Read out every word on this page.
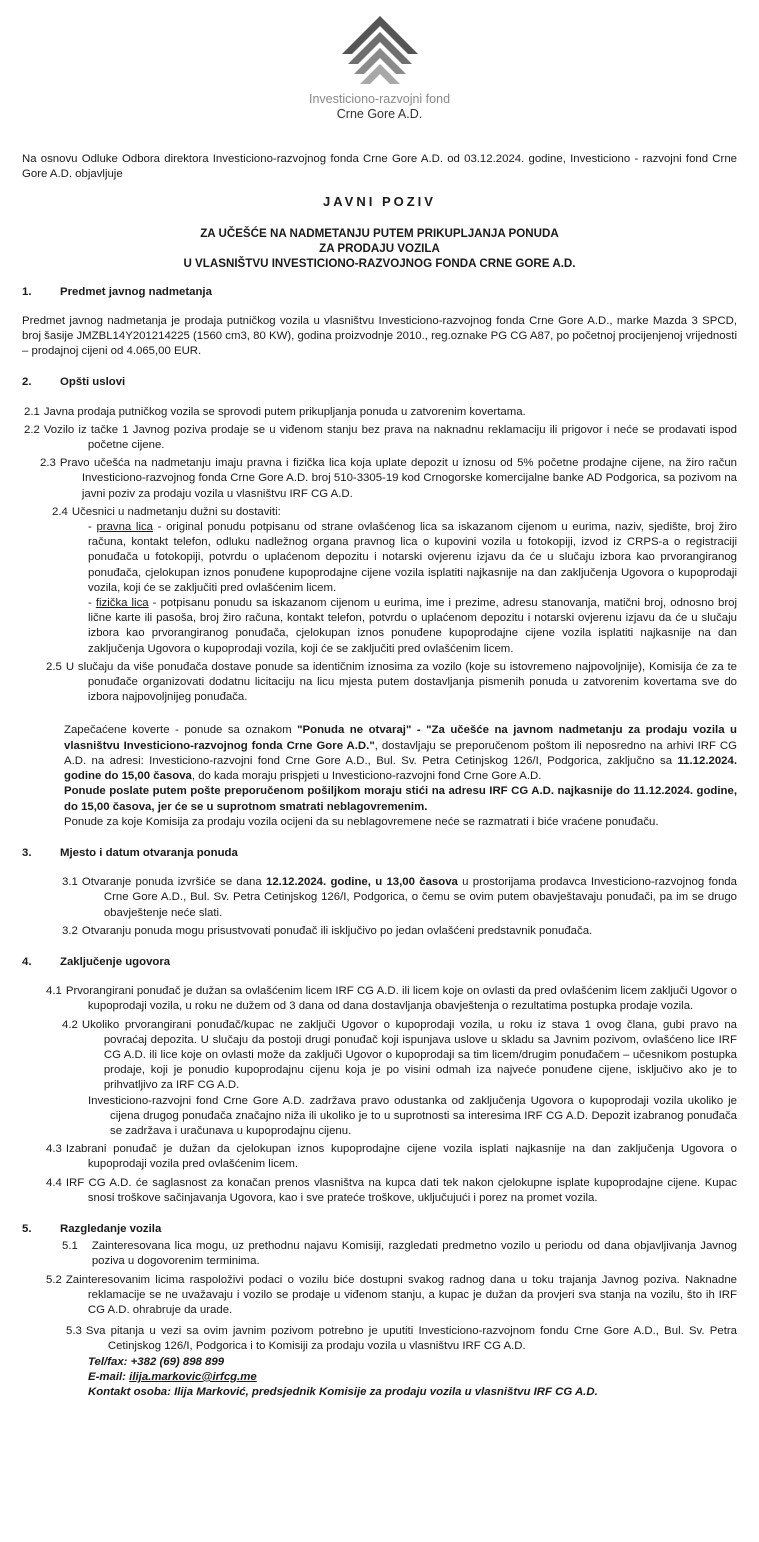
Investiciono-razvojni fond
Crne Gore A.D.

Na osnovu Odluke Odbora direktora Investiciono-razvojnog fonda Crne Gore A.D. od 03.12.2024. godine, Investiciono - razvojni fond Crne Gore A.D. objavljuje

JAVNI POZIV
ZA UČEŠĆE NA NADMETANJU PUTEM PRIKUPLJANJA PONUDA
ZA PRODAJU VOZILA
U VLASNIŠTVU INVESTICIONO-RAZVOJNOG FONDA CRNE GORE A.D.
1.	Predmet javnog nadmetanja

Predmet javnog nadmetanja je prodaja putničkog vozila u vlasništvu Investiciono-razvojnog fonda Crne Gore A.D., marke Mazda 3 SPCD, broj šasije JMZBL14Y201214225 (1560 cm3, 80 KW), godina proizvodnje 2010., reg.oznake PG CG A87, po početnoj procijenjenoj vrijednosti – prodajnoj cijeni od 4.065,00 EUR.

2.	Opšti uslovi
2.1 Javna prodaja putničkog vozila se sprovodi putem prikupljanja ponuda u zatvorenim kovertama.
2.2 Vozilo iz tačke 1 Javnog poziva prodaje se u viđenom stanju bez prava na naknadnu reklamaciju ili prigovor i neće se prodavati ispod početne cijene.
2.3 Pravo učešća na nadmetanju imaju pravna i fizička lica koja uplate depozit u iznosu od 5% početne prodajne cijene, na žiro račun Investiciono-razvojnog fonda Crne Gore A.D. broj 510-3305-19 kod Crnogorske komercijalne banke AD Podgorica, sa pozivom na javni poziv za prodaju vozila u vlasništvu IRF CG A.D.
2.4 Učesnici u nadmetanju dužni su dostaviti:

- pravna lica - original ponudu potpisanu od strane ovlašćenog lica sa iskazanom cijenom u eurima, naziv, sjedište, broj žiro računa, kontakt telefon, odluku nadležnog organa pravnog lica o kupovini vozila u fotokopiji, izvod iz CRPS-a o registraciji ponuđača u fotokopiji, potvrdu o uplaćenom depozitu i notarski ovjerenu izjavu da će u slučaju izbora kao prvorangiranog ponuđača, cjelokupan iznos ponuđene kupoprodajne cijene vozila isplatiti najkasnije na dan zaključenja Ugovora o kupoprodaji vozila, koji će se zaključiti pred ovlašćenim licem.

- fizička lica - potpisanu ponudu sa iskazanom cijenom u eurima, ime i prezime, adresu stanovanja, matični broj, odnosno broj lične karte ili pasoša, broj žiro računa, kontakt telefon, potvrdu o uplaćenom depozitu i notarski ovjerenu izjavu da će u slučaju izbora kao prvorangiranog ponuđača, cjelokupan iznos ponuđene kupoprodajne cijene vozila isplatiti najkasnije na dan zaključenja Ugovora o kupoprodaji vozila, koji će se zaključiti pred ovlašćenim licem.

2.5 U slučaju da više ponuđača dostave ponude sa identičnim iznosima za vozilo (koje su istovremeno najpovoljnije), Komisija će za te ponuđače organizovati dodatnu licitaciju na licu mjesta putem dostavljanja pismenih ponuda u zatvorenim kovertama sve do izbora najpovoljnijeg ponuđača.

Zapečaćene koverte - ponude sa oznakom "Ponuda ne otvaraj" - "Za učešće na javnom nadmetanju za prodaju vozila u vlasništvu Investiciono-razvojnog fonda Crne Gore A.D.", dostavljaju se preporučenom poštom ili neposredno na arhivi IRF CG A.D. na adresi: Investiciono-razvojni fond Crne Gore A.D., Bul. Sv. Petra Cetinjskog 126/I, Podgorica, zaključno sa 11.12.2024. godine do 15,00 časova, do kada moraju prispjeti u Investiciono-razvojni fond Crne Gore A.D.

Ponude poslate putem pošte preporučenom pošiljkom moraju stići na adresu IRF CG A.D. najkasnije do 11.12.2024. godine, do 15,00 časova, jer će se u suprotnom smatrati neblagovremenim.

Ponude za koje Komisija za prodaju vozila ocijeni da su neblagovremene neće se razmatrati i biće vraćene ponuđaču.

3.	Mjesto i datum otvaranja ponuda
3.1 Otvaranje ponuda izvršiće se dana 12.12.2024. godine, u 13,00 časova u prostorijama prodavca Investiciono-razvojnog fonda Crne Gore A.D., Bul. Sv. Petra Cetinjskog 126/I, Podgorica, o čemu se ovim putem obavještavaju ponuđači, pa im se drugo obavještenje neće slati.
3.2 Otvaranju ponuda mogu prisustvovati ponuđač ili isključivo po jedan ovlašćeni predstavnik ponuđača.
4.	Zaključenje ugovora
4.1 Prvorangirani ponuđač je dužan sa ovlašćenim licem IRF CG A.D. ili licem koje on ovlasti da pred ovlašćenim licem zaključi Ugovor o kupoprodaji vozila, u roku ne dužem od 3 dana od dana dostavljanja obavještenja o rezultatima postupka prodaje vozila.
4.2 Ukoliko prvorangirani ponuđač/kupac ne zaključi Ugovor o kupoprodaji vozila, u roku iz stava 1 ovog člana, gubi pravo na povraćaj depozita. U slučaju da postoji drugi ponuđač koji ispunjava uslove u skladu sa Javnim pozivom, ovlašćeno lice IRF CG A.D. ili lice koje on ovlasti može da zaključi Ugovor o kupoprodaji sa tim licem/drugim ponuđačem – učesnikom postupka prodaje, koji je ponudio kupoprodajnu cijenu koja je po visini odmah iza najveće ponuđene cijene, isključivo ako je to prihvatljivo za IRF CG A.D.

Investiciono-razvojni fond Crne Gore A.D. zadržava pravo odustanka od zaključenja Ugovora o kupoprodaji vozila ukoliko je cijena drugog ponuđača značajno niža ili ukoliko je to u suprotnosti sa interesima IRF CG A.D. Depozit izabranog ponuđača se zadržava i uračunava u kupoprodajnu cijenu.

4.3 Izabrani ponuđač je dužan da cjelokupan iznos kupoprodajne cijene vozila isplati najkasnije na dan zaključenja Ugovora o kupoprodaji vozila pred ovlašćenim licem.
4.4 IRF CG A.D. će saglasnost za konačan prenos vlasništva na kupca dati tek nakon cjelokupne isplate kupoprodajne cijene. Kupac snosi troškove sačinjavanja Ugovora, kao i sve prateće troškove, uključujući i porez na promet vozila.
5.	Razgledanje vozila
5.1	Zainteresovana lica mogu, uz prethodnu najavu Komisiji, razgledati predmetno vozilo u periodu od dana objavljivanja Javnog poziva u dogovorenim terminima.
5.2 Zainteresovanim licima raspoloživi podaci o vozilu biće dostupni svakog radnog dana u toku trajanja Javnog poziva. Naknadne reklamacije se ne uvažavaju i vozilo se prodaje u viđenom stanju, a kupac je dužan da provjeri sva stanja na vozilu, što ih IRF CG A.D. ohrabruje da urade.
5.3 Sva pitanja u vezi sa ovim javnim pozivom potrebno je uputiti Investiciono-razvojnom fondu Crne Gore A.D., Bul. Sv. Petra Cetinjskog 126/I, Podgorica i to Komisiji za prodaju vozila u vlasništvu IRF CG A.D.
Tel/fax: +382 (69) 898 899
E-mail: ilija.markovic@irfcg.me
Kontakt osoba: Ilija Marković, predsjednik Komisije za prodaju vozila u vlasništvu IRF CG A.D.
